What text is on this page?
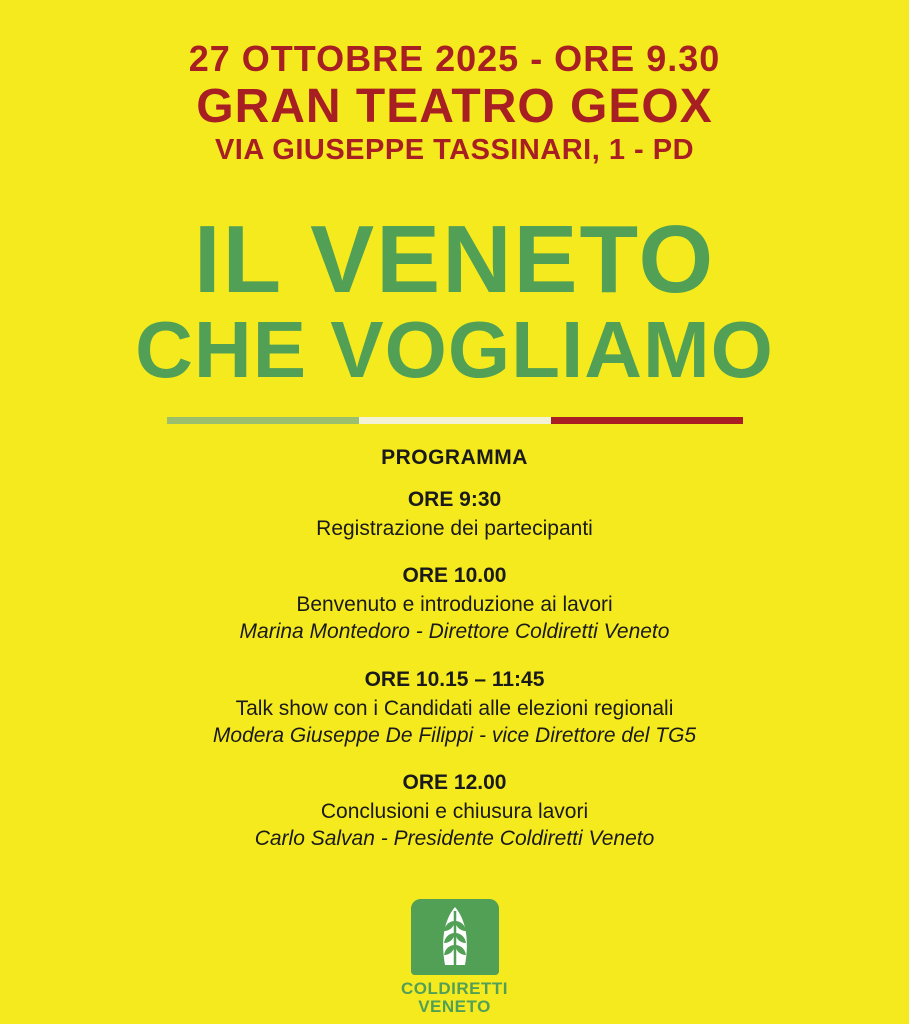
27 OTTOBRE 2025 - ORE 9.30
GRAN TEATRO GEOX
VIA GIUSEPPE TASSINARI, 1 - PD
IL VENETO
CHE VOGLIAMO
PROGRAMMA
ORE 9:30
Registrazione dei partecipanti
ORE 10.00
Benvenuto e introduzione ai lavori
Marina Montedoro - Direttore Coldiretti Veneto
ORE 10.15 – 11:45
Talk show con i Candidati alle elezioni regionali
Modera Giuseppe De Filippi - vice Direttore del TG5
ORE 12.00
Conclusioni e chiusura lavori
Carlo Salvan - Presidente Coldiretti Veneto
COLDIRETTI
VENETO
